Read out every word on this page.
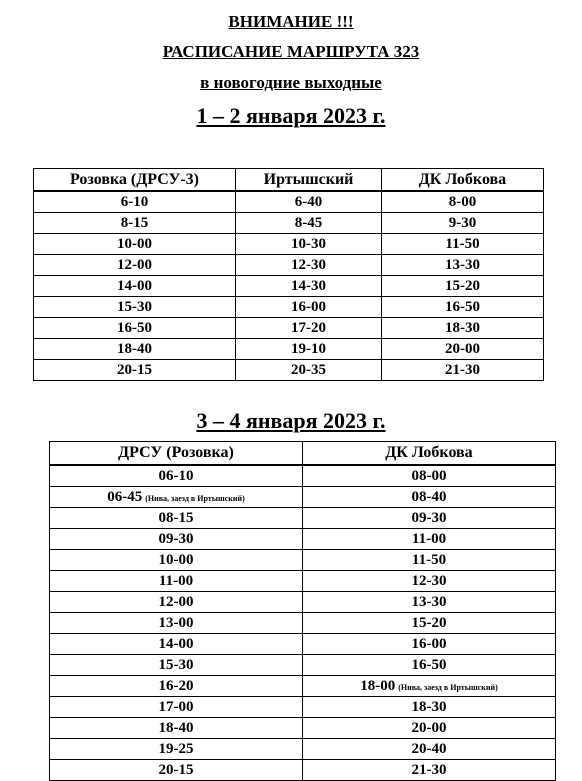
ВНИМАНИЕ !!!
РАСПИСАНИЕ МАРШРУТА 323
в новогодние выходные
1 – 2 января 2023 г.
Розовка (ДРСУ-3)	Иртышский	ДК Лобкова
6-10	6-40	8-00
8-15	8-45	9-30
10-00	10-30	11-50
12-00	12-30	13-30
14-00	14-30	15-20
15-30	16-00	16-50
16-50	17-20	18-30
18-40	19-10	20-00
20-15	20-35	21-30
3 – 4 января 2023 г.
ДРСУ (Розовка)	ДК Лобкова
06-10	08-00
06-45 (Нива, заезд в Иртышский)	08-40
08-15	09-30
09-30	11-00
10-00	11-50
11-00	12-30
12-00	13-30
13-00	15-20
14-00	16-00
15-30	16-50
16-20	18-00 (Нива, заезд в Иртышский)
17-00	18-30
18-40	20-00
19-25	20-40
20-15	21-30
